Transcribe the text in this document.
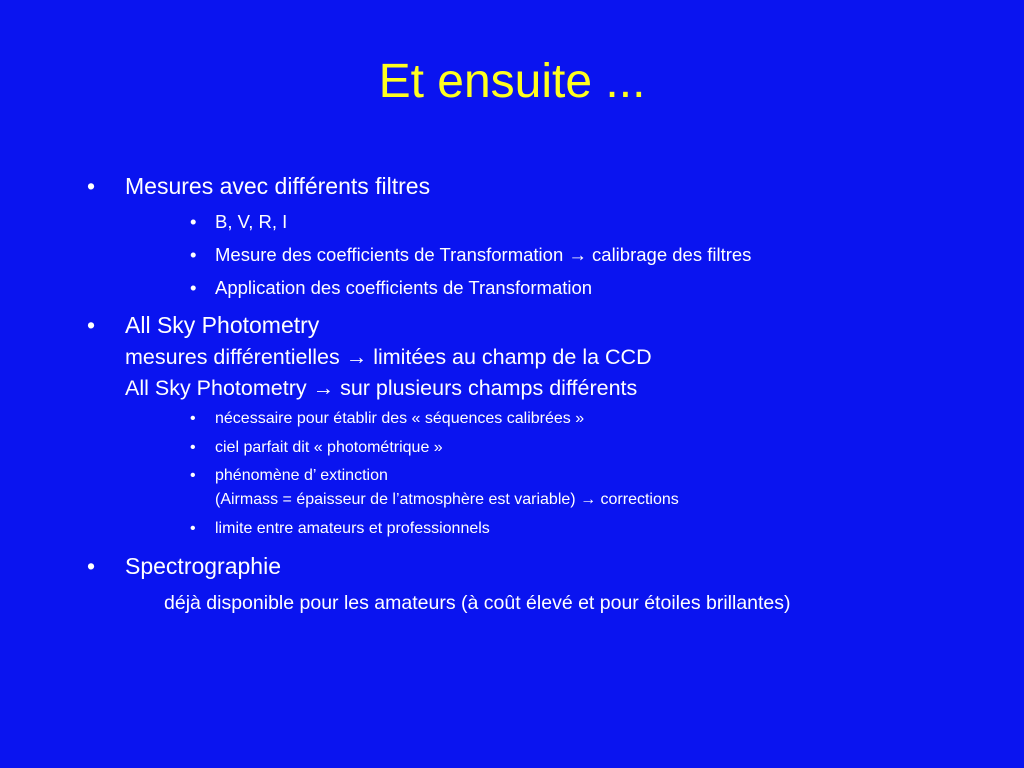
Et ensuite ...
• Mesures avec différents filtres
• B, V, R, I
• Mesure des coefficients de Transformation → calibrage des filtres
• Application des coefficients de Transformation
• All Sky Photometry
mesures différentielles → limitées au champ de la CCD
All Sky Photometry → sur plusieurs champs différents
• nécessaire pour établir des « séquences calibrées »
• ciel parfait dit « photométrique »
• phénomène d’ extinction
(Airmass = épaisseur de l’atmosphère est variable) → corrections
• limite entre amateurs et professionnels
• Spectrographie
déjà disponible pour les amateurs (à coût élevé et pour étoiles brillantes)
